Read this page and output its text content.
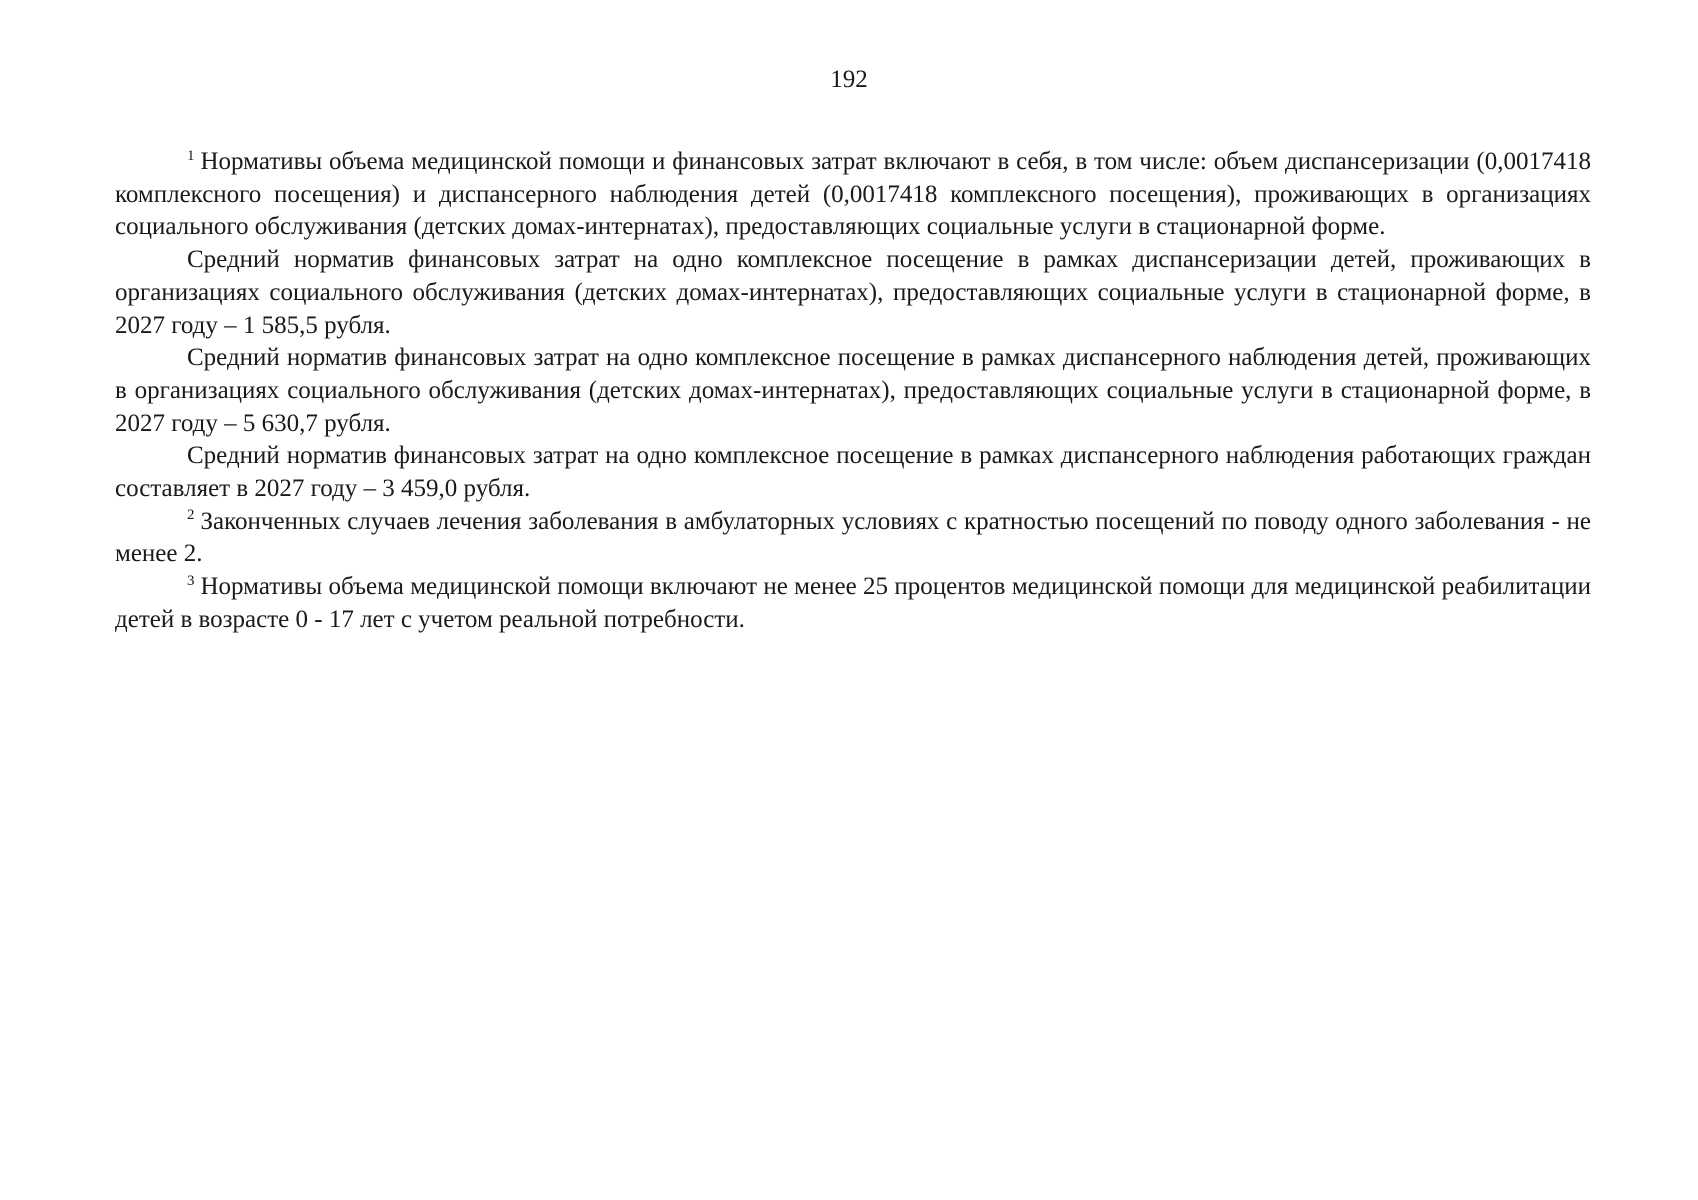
192

$^1$ Нормативы объема медицинской помощи и финансовых затрат включают в себя, в том числе: объем диспансеризации (0,0017418 комплексного посещения) и диспансерного наблюдения детей (0,0017418 комплексного посещения), проживающих в организациях социального обслуживания (детских домах-интернатах), предоставляющих социальные услуги в стационарной форме.

Средний норматив финансовых затрат на одно комплексное посещение в рамках диспансеризации детей, проживающих в организациях социального обслуживания (детских домах-интернатах), предоставляющих социальные услуги в стационарной форме, в 2027 году – 1 585,5 рубля.

Средний норматив финансовых затрат на одно комплексное посещение в рамках диспансерного наблюдения детей, проживающих в организациях социального обслуживания (детских домах-интернатах), предоставляющих социальные услуги в стационарной форме, в 2027 году – 5 630,7 рубля.

Средний норматив финансовых затрат на одно комплексное посещение в рамках диспансерного наблюдения работающих граждан составляет в 2027 году – 3 459,0 рубля.

$^2$ Законченных случаев лечения заболевания в амбулаторных условиях с кратностью посещений по поводу одного заболевания - не менее 2.

$^3$ Нормативы объема медицинской помощи включают не менее 25 процентов медицинской помощи для медицинской реабилитации детей в возрасте 0 - 17 лет с учетом реальной потребности.
